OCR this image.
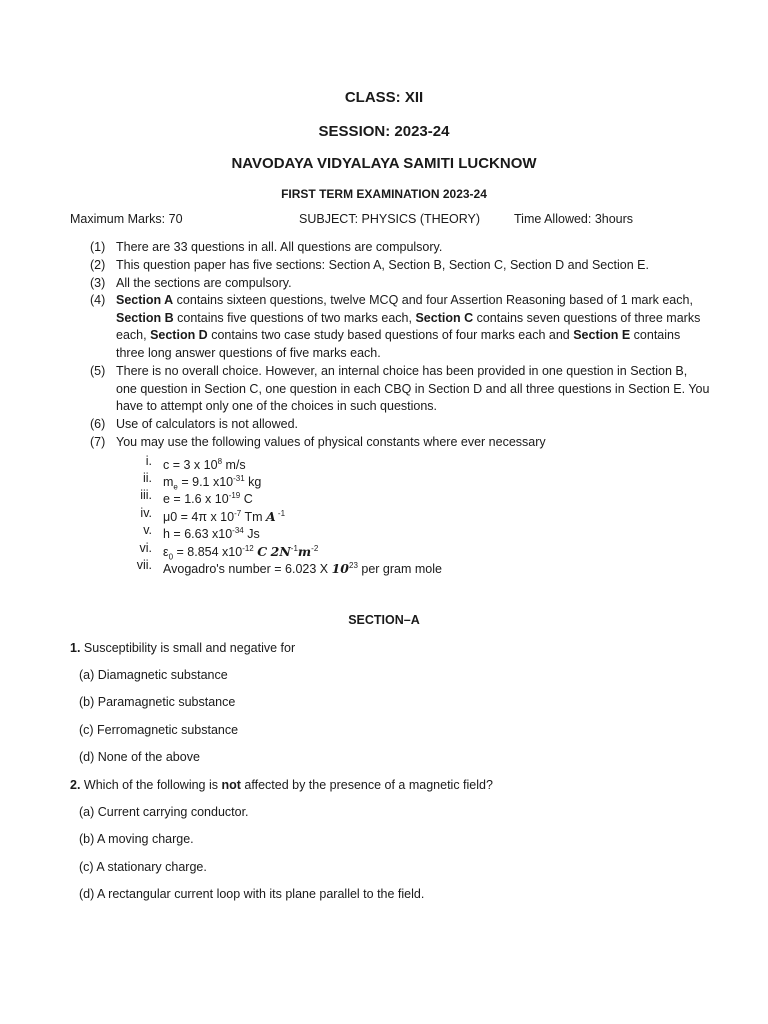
CLASS: XII
SESSION: 2023-24
NAVODAYA VIDYALAYA SAMITI LUCKNOW
FIRST TERM EXAMINATION 2023-24
Maximum Marks: 70	SUBJECT: PHYSICS (THEORY)	Time Allowed: 3hours
(1) There are 33 questions in all. All questions are compulsory.
(2) This question paper has five sections: Section A, Section B, Section C, Section D and Section E.
(3) All the sections are compulsory.
(4) Section A contains sixteen questions, twelve MCQ and four Assertion Reasoning based of 1 mark each, Section B contains five questions of two marks each, Section C contains seven questions of three marks each, Section D contains two case study based questions of four marks each and Section E contains three long answer questions of five marks each.
(5) There is no overall choice. However, an internal choice has been provided in one question in Section B, one question in Section C, one question in each CBQ in Section D and all three questions in Section E. You have to attempt only one of the choices in such questions.
(6) Use of calculators is not allowed.
(7) You may use the following values of physical constants where ever necessary
i. c = 3 x $10^8$ m/s
ii. $m_e = 9.1$ $x10^{-31}$ kg
iii. e = 1.6 x $10^{-19}$ C
iv. μ0 = 4π x $10^{-7}$ Tm A $^{-1}$
v. h = 6.63 $x10^{-34}$ Js
vi. $\varepsilon_0 = 8.854$ $x10^{-12}$ C $2N^{-1}m^{-2}$
vii. Avogadro's number = 6.023 X $10^{23}$ per gram mole
SECTION–A
1. Susceptibility is small and negative for
(a) Diamagnetic substance
(b) Paramagnetic substance
(c) Ferromagnetic substance
(d) None of the above
2. Which of the following is not affected by the presence of a magnetic field?
(a) Current carrying conductor.
(b) A moving charge.
(c) A stationary charge.
(d) A rectangular current loop with its plane parallel to the field.
